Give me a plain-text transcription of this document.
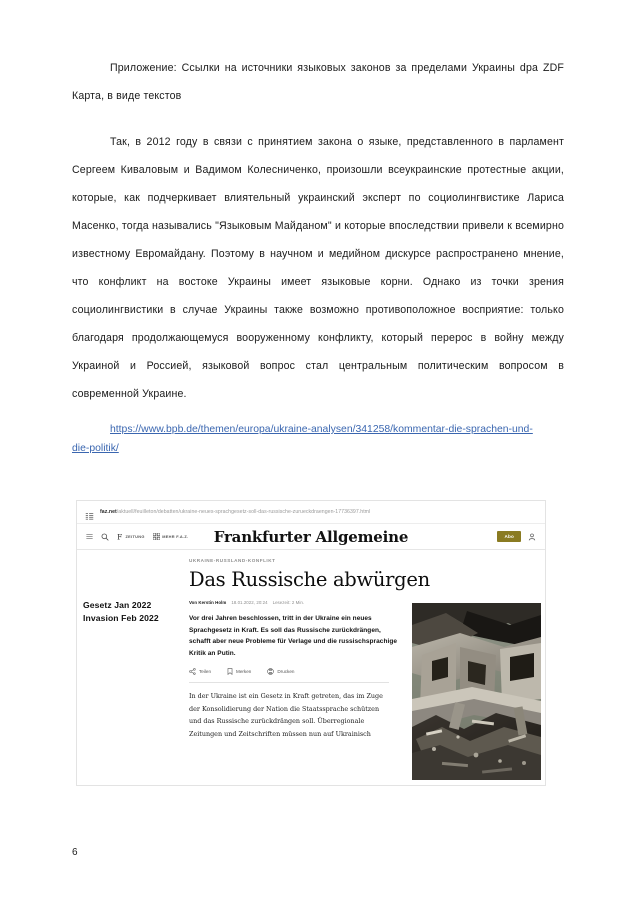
Приложение: Ссылки на источники языковых законов за пределами Украины dpa ZDF Карта, в виде текстов
Так, в 2012 году в связи с принятием закона о языке, представленного в парламент Сергеем Киваловым и Вадимом Колесниченко, произошли всеукраинские протестные акции, которые, как подчеркивает влиятельный украинский эксперт по социолингвистике Лариса Масенко, тогда назывались "Языковым Майданом" и которые впоследствии привели к всемирно известному Евромайдану. Поэтому в научном и медийном дискурсе распространено мнение, что конфликт на востоке Украины имеет языковые корни. Однако из точки зрения социолингвистики в случае Украины также возможно противоположное восприятие: только благодаря продолжающемуся вооруженному конфликту, который перерос в войну между Украиной и Россией, языковой вопрос стал центральным политическим вопросом в современной Украине.
https://www.bpb.de/themen/europa/ukraine-analysen/341258/kommentar-die-sprachen-und-die-politik/
faz.net/aktuell/feuilleton/debatten/ukraine-neues-sprachgesetz-soll-das-russische-zurueckdraengen-17736397.html
F ZEITUNG	MEHR F.A.Z.	Frankfurter Allgemeine	Abo
Gesetz Jan 2022
Invasion Feb 2022
UKRAINE-RUSSLAND-KONFLIKT
Das Russische abwürgen
Von Kerstin Holm 18.01.2022, 20:24 Lesezeit: 2 Min.
Vor drei Jahren beschlossen, tritt in der Ukraine ein neues Sprachgesetz in Kraft. Es soll das Russische zurückdrängen, schafft aber neue Probleme für Verlage und die russischsprachige Kritik an Putin.
Teilen	Merken	Drucken
In der Ukraine ist ein Gesetz in Kraft getreten, das im Zuge der Konsolidierung der Nation die Staatssprache schützen und das Russische zurückdrängen soll. Überregionale Zeitungen und Zeitschriften müssen nun auf Ukrainisch
6
